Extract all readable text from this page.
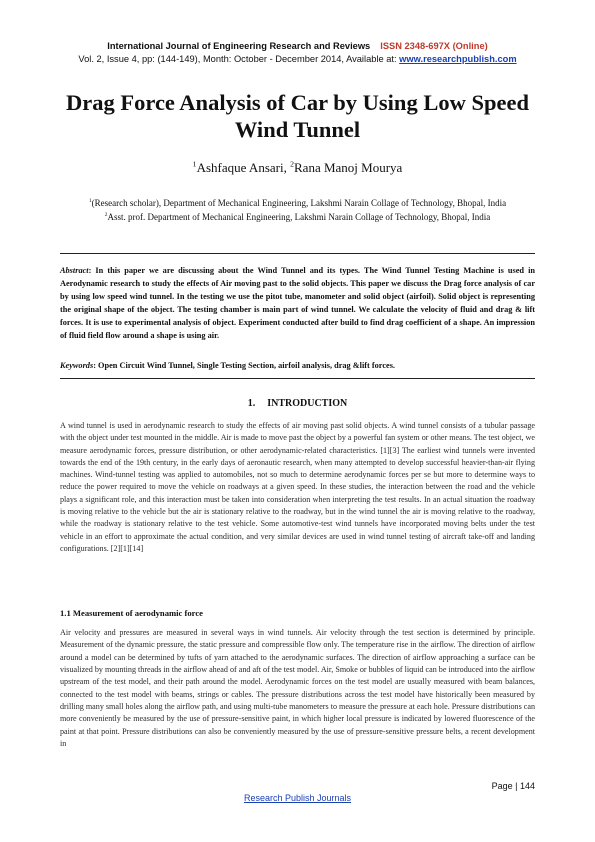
International Journal of Engineering Research and Reviews ISSN 2348-697X (Online)
Vol. 2, Issue 4, pp: (144-149), Month: October - December 2014, Available at: www.researchpublish.com
Drag Force Analysis of Car by Using Low Speed Wind Tunnel
$^1$Ashfaque Ansari, $^2$Rana Manoj Mourya
$^1$(Research scholar), Department of Mechanical Engineering, Lakshmi Narain Collage of Technology, Bhopal, India
$^2$Asst. prof. Department of Mechanical Engineering, Lakshmi Narain Collage of Technology, Bhopal, India
Abstract: In this paper we are discussing about the Wind Tunnel and its types. The Wind Tunnel Testing Machine is used in Aerodynamic research to study the effects of Air moving past to the solid objects. This paper we discuss the Drag force analysis of car by using low speed wind tunnel. In the testing we use the pitot tube, manometer and solid object (airfoil). Solid object is representing the original shape of the object. The testing chamber is main part of wind tunnel. We calculate the velocity of fluid and drag & lift forces. It is use to experimental analysis of object. Experiment conducted after build to find drag coefficient of a shape. An impression of fluid field flow around a shape is using air.
Keywords: Open Circuit Wind Tunnel, Single Testing Section, airfoil analysis, drag &lift forces.
1. INTRODUCTION
A wind tunnel is used in aerodynamic research to study the effects of air moving past solid objects. A wind tunnel consists of a tubular passage with the object under test mounted in the middle. Air is made to move past the object by a powerful fan system or other means. The test object, we measure aerodynamic forces, pressure distribution, or other aerodynamic-related characteristics. [1][3] The earliest wind tunnels were invented towards the end of the 19th century, in the early days of aeronautic research, when many attempted to develop successful heavier-than-air flying machines. Wind-tunnel testing was applied to automobiles, not so much to determine aerodynamic forces per se but more to determine ways to reduce the power required to move the vehicle on roadways at a given speed. In these studies, the interaction between the road and the vehicle plays a significant role, and this interaction must be taken into consideration when interpreting the test results. In an actual situation the roadway is moving relative to the vehicle but the air is stationary relative to the roadway, but in the wind tunnel the air is moving relative to the roadway, while the roadway is stationary relative to the test vehicle. Some automotive-test wind tunnels have incorporated moving belts under the test vehicle in an effort to approximate the actual condition, and very similar devices are used in wind tunnel testing of aircraft take-off and landing configurations. [2][1][14]
1.1 Measurement of aerodynamic force
Air velocity and pressures are measured in several ways in wind tunnels. Air velocity through the test section is determined by principle. Measurement of the dynamic pressure, the static pressure and compressible flow only. The temperature rise in the airflow. The direction of airflow around a model can be determined by tufts of yarn attached to the aerodynamic surfaces. The direction of airflow approaching a surface can be visualized by mounting threads in the airflow ahead of and aft of the test model. Air, Smoke or bubbles of liquid can be introduced into the airflow upstream of the test model, and their path around the model. Aerodynamic forces on the test model are usually measured with beam balances, connected to the test model with beams, strings or cables. The pressure distributions across the test model have historically been measured by drilling many small holes along the airflow path, and using multi-tube manometers to measure the pressure at each hole. Pressure distributions can more conveniently be measured by the use of pressure-sensitive paint, in which higher local pressure is indicated by lowered fluorescence of the paint at that point. Pressure distributions can also be conveniently measured by the use of pressure-sensitive pressure belts, a recent development in
Page | 144
Research Publish Journals
